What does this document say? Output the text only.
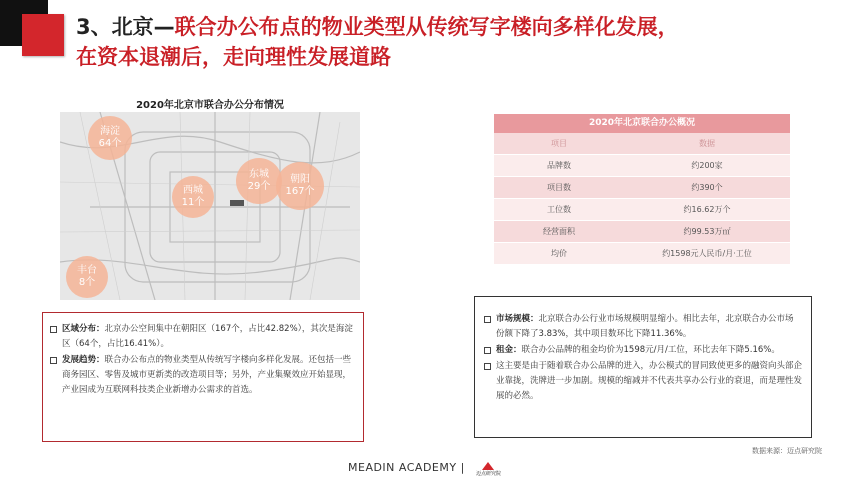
3、北京—联合办公布点的物业类型从传统写字楼向多样化发展，
在资本退潮后，走向理性发展道路
2020年北京市联合办公分布情况
海淀
64个
西城
11个
东城
29个
朝阳
167个
丰台
8个
2020年北京联合办公概况
项目	数据
品牌数	约200家
项目数	约390个
工位数	约16.62万个
经营面积	约99.53万㎡
均价	约1598元人民币/月·工位
区域分布：北京办公空间集中在朝阳区（167个，占比42.82%），其次是海淀区（64个，占比16.41%）。
发展趋势：联合办公布点的物业类型从传统写字楼向多样化发展。还包括一些商务园区、零售及城市更新类的改造项目等；另外，产业集聚效应开始显现，产业园成为互联网科技类企业新增办公需求的首选。
市场规模：北京联合办公行业市场规模明显缩小。相比去年，北京联合办公市场份额下降了3.83%，其中项目数环比下降11.36%。
租金：联合办公品牌的租金均价为1598元/月/工位，环比去年下降5.16%。
这主要是由于随着联合办公品牌的进入，办公模式的冒同致使更多的融资向头部企业靠拢，洗牌进一步加剧。规模的缩减并不代表共享办公行业的衰退，而是理性发展的必然。
数据来源：迈点研究院
MEADIN ACADEMY | 迈点研究院
